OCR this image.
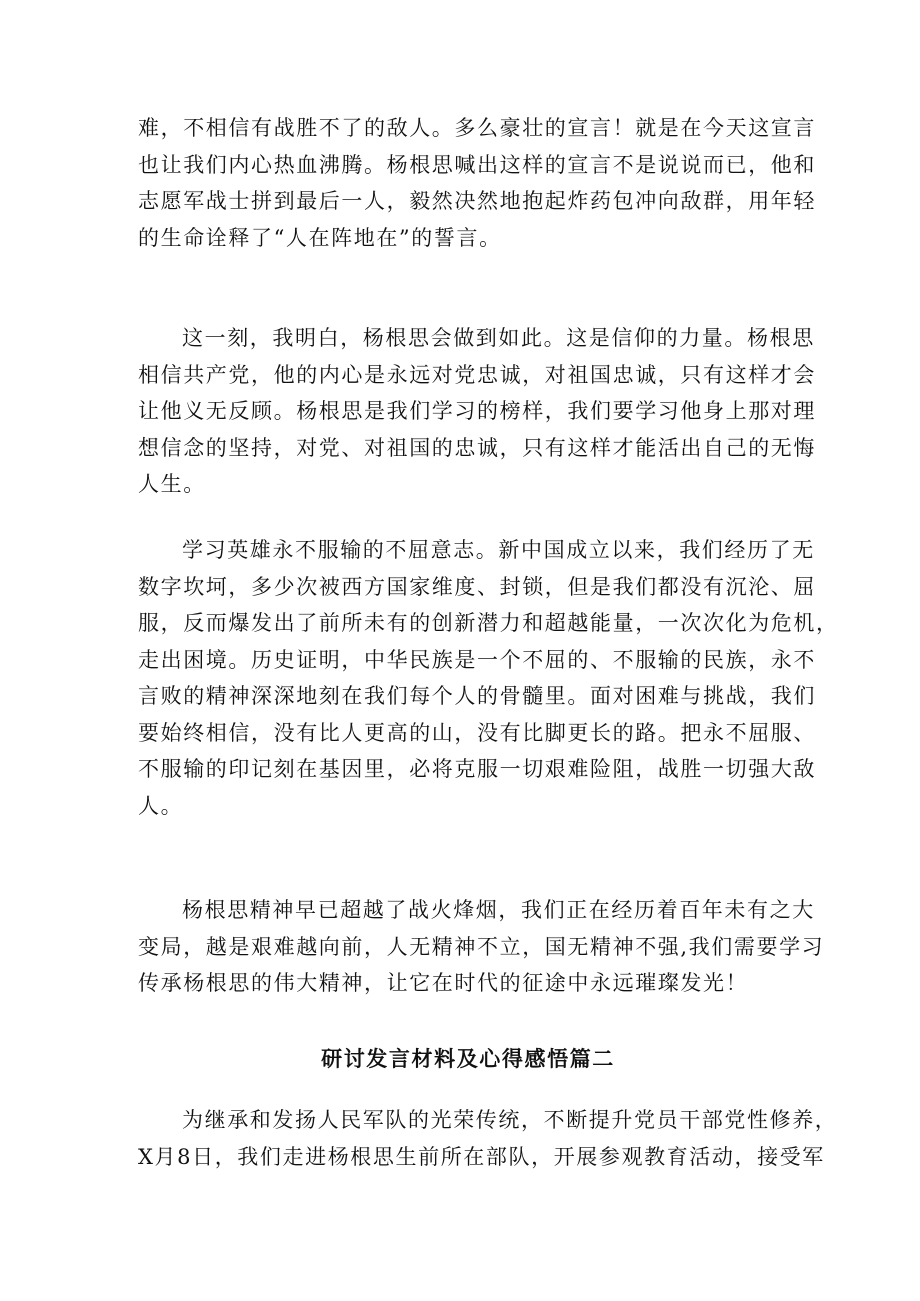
难，不相信有战胜不了的敌人。多么豪壮的宣言！就是在今天这宣言
也让我们内心热血沸腾。杨根思喊出这样的宣言不是说说而已，他和
志愿军战士拼到最后一人，毅然决然地抱起炸药包冲向敌群，用年轻
的生命诠释了“人在阵地在”的誓言。
这一刻，我明白，杨根思会做到如此。这是信仰的力量。杨根思
相信共产党，他的内心是永远对党忠诚，对祖国忠诚，只有这样才会
让他义无反顾。杨根思是我们学习的榜样，我们要学习他身上那对理
想信念的坚持，对党、对祖国的忠诚，只有这样才能活出自己的无悔
人生。
学习英雄永不服输的不屈意志。新中国成立以来，我们经历了无
数字坎坷，多少次被西方国家维度、封锁，但是我们都没有沉沦、屈
服，反而爆发出了前所未有的创新潜力和超越能量，一次次化为危机，
走出困境。历史证明，中华民族是一个不屈的、不服输的民族，永不
言败的精神深深地刻在我们每个人的骨髓里。面对困难与挑战，我们
要始终相信，没有比人更高的山，没有比脚更长的路。把永不屈服、
不服输的印记刻在基因里，必将克服一切艰难险阻，战胜一切强大敌
人。
杨根思精神早已超越了战火烽烟，我们正在经历着百年未有之大
变局，越是艰难越向前，人无精神不立，国无精神不强,我们需要学习
传承杨根思的伟大精神，让它在时代的征途中永远璀璨发光！
研讨发言材料及心得感悟篇二
为继承和发扬人民军队的光荣传统，不断提升党员干部党性修养，
X月8日，我们走进杨根思生前所在部队，开展参观教育活动，接受军
